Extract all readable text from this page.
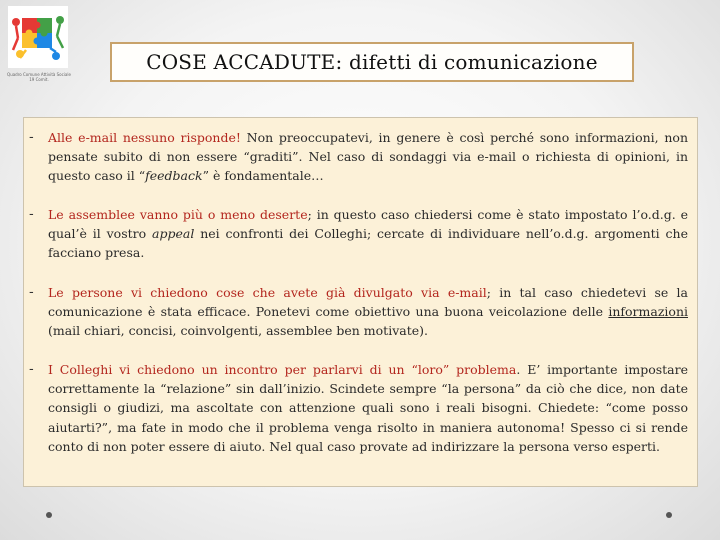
Quadro Comune Attività Sociale 19 Comit.
COSE ACCADUTE: difetti di comunicazione
- Alle e-mail nessuno risponde! Non preoccupatevi, in genere è così perché sono informazioni, non pensate subito di non essere “graditi”. Nel caso di sondaggi via e-mail o richiesta di opinioni, in questo caso il “feedback” è fondamentale…

- Le assemblee vanno più o meno deserte; in questo caso chiedersi come è stato impostato l’o.d.g. e qual’è il vostro appeal nei confronti dei Colleghi; cercate di individuare nell’o.d.g. argomenti che facciano presa.

- Le persone vi chiedono cose che avete già divulgato via e-mail; in tal caso chiedetevi se la comunicazione è stata efficace. Ponetevi come obiettivo una buona veicolazione delle informazioni (mail chiari, concisi, coinvolgenti, assemblee ben motivate).

- I Colleghi vi chiedono un incontro per parlarvi di un “loro” problema. E’ importante impostare correttamente la “relazione” sin dall’inizio. Scindete sempre “la persona” da ciò che dice, non date consigli o giudizi, ma ascoltate con attenzione quali sono i reali bisogni. Chiedete: “come posso aiutarti?”, ma fate in modo che il problema venga risolto in maniera autonoma! Spesso ci si rende conto di non poter essere di aiuto. Nel qual caso provate ad indirizzare la persona verso esperti.
